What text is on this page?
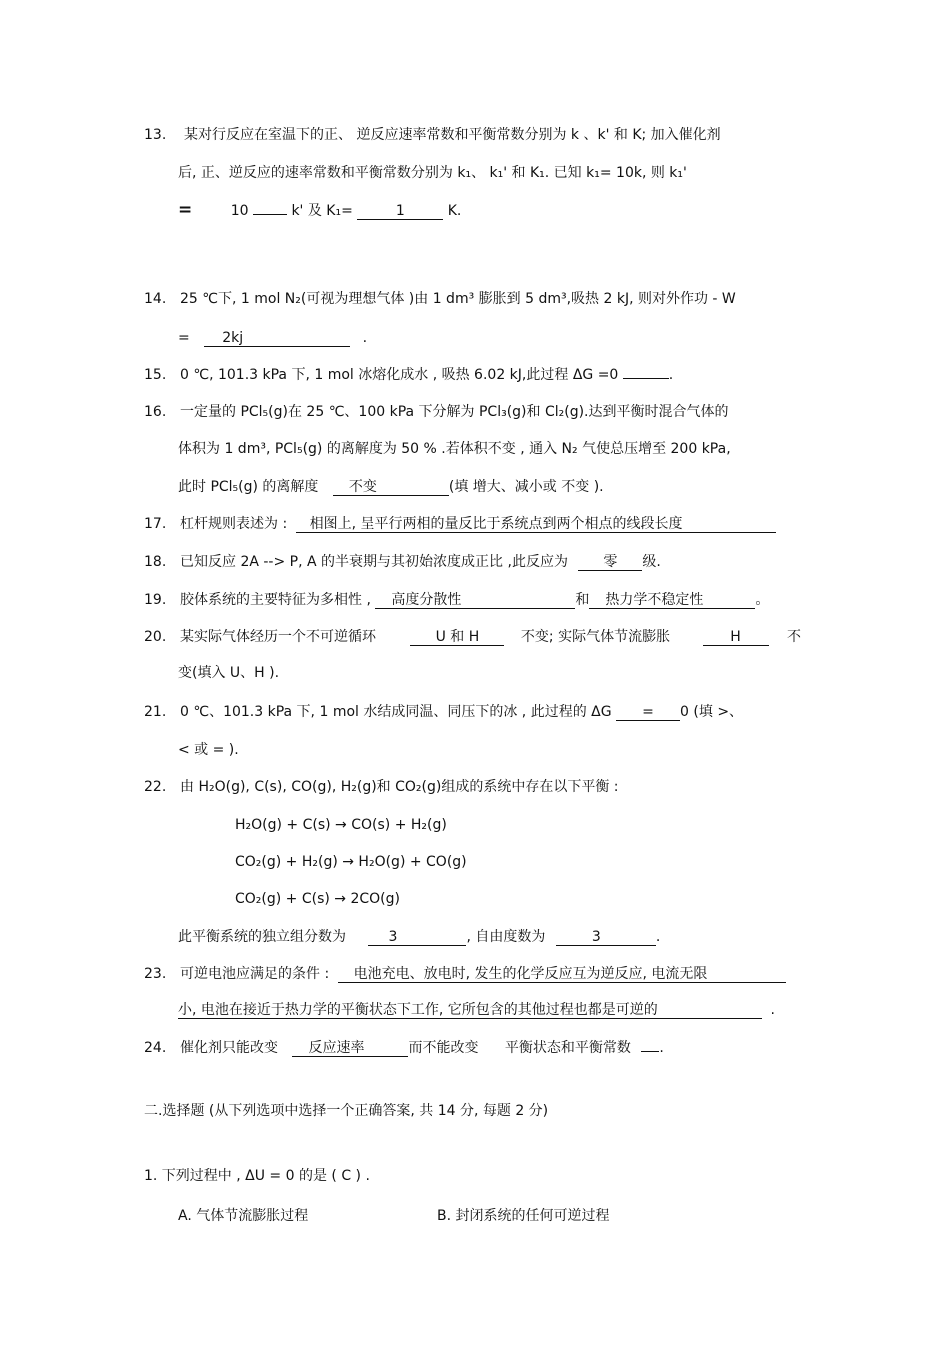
13. 某对行反应在室温下的正、 逆反应速率常数和平衡常数分别为 k 、k' 和 K; 加入催化剂
后, 正、逆反应的速率常数和平衡常数分别为 k₁、 k₁' 和 K₁. 已知 k₁= 10k, 则 k₁'
=	10	k' 及 K₁=	1	K.
14. 25 ℃下, 1 mol N₂(可视为理想气体 )由 1 dm³ 膨胀到 5 dm³,吸热 2 kJ, 则对外作功 - W
= 2kj	.
15. 0 ℃, 101.3 kPa 下, 1 mol 冰熔化成水 , 吸热 6.02 kJ,此过程 ΔG =0	.
16. 一定量的 PCl₅(g)在 25 ℃、100 kPa 下分解为 PCl₃(g)和 Cl₂(g).达到平衡时混合气体的
体积为 1 dm³, PCl₅(g) 的离解度为 50 % .若体积不变 , 通入 N₂ 气使总压增至 200 kPa,
此时 PCl₅(g) 的离解度 不变	(填 增大、减小或 不变 ).
17. 杠杆规则表述为 : 相图上, 呈平行两相的量反比于系统点到两个相点的线段长度
18. 已知反应 2A --> P, A 的半衰期与其初始浓度成正比 ,此反应为	零 级.
19. 胶体系统的主要特征为多相性 , 高度分散性	和 热力学不稳定性	。
20. 某实际气体经历一个不可逆循环	U 和 H	不变; 实际气体节流膨胀	H	不
变(填入 U、H ).
21. 0 ℃、101.3 kPa 下, 1 mol 水结成同温、同压下的冰 , 此过程的 ΔG = 0 (填 >、
< 或 = ).
22. 由 H₂O(g), C(s), CO(g), H₂(g)和 CO₂(g)组成的系统中存在以下平衡 :
H₂O(g) + C(s) → CO(s) + H₂(g)
CO₂(g) + H₂(g) → H₂O(g) + CO(g)
CO₂(g) + C(s) → 2CO(g)
此平衡系统的独立组分数为	3	, 自由度数为	3	.
23. 可逆电池应满足的条件 : 电池充电、放电时, 发生的化学反应互为逆反应, 电流无限
小, 电池在接近于热力学的平衡状态下工作, 它所包含的其他过程也都是可逆的	.
24. 催化剂只能改变 反应速率	而不能改变 平衡状态和平衡常数 .
二.选择题 (从下列选项中选择一个正确答案, 共 14 分, 每题 2 分)
1. 下列过程中 , ΔU = 0 的是 ( C ) .
A. 气体节流膨胀过程	B. 封闭系统的任何可逆过程
